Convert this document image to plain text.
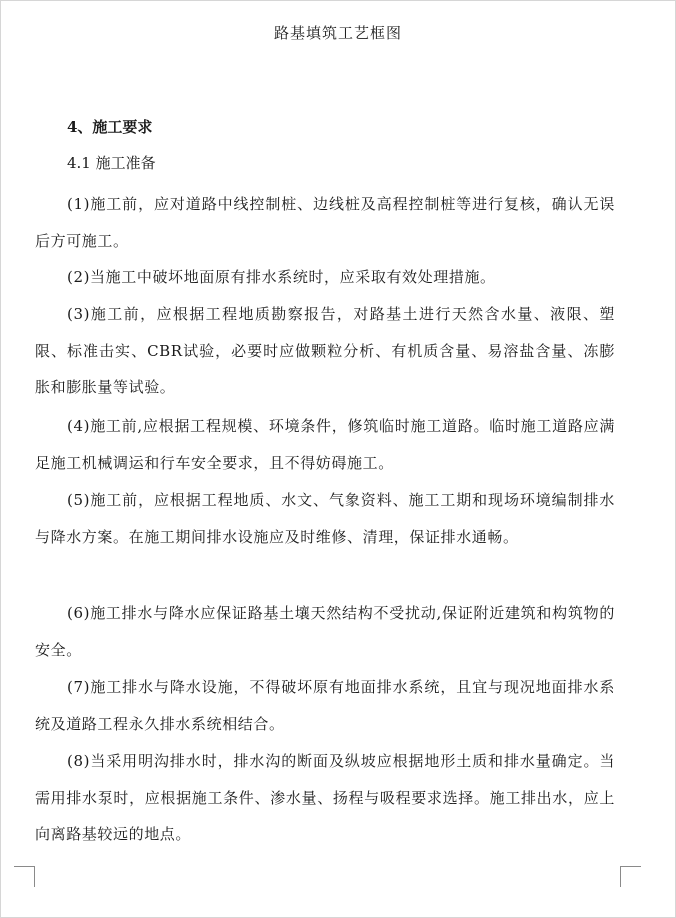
路基填筑工艺框图
4、施工要求
4.1 施工准备

(1)施工前，应对道路中线控制桩、边线桩及高程控制桩等进行复核，确认无误后方可施工。

(2)当施工中破坏地面原有排水系统时，应采取有效处理措施。

(3)施工前，应根据工程地质勘察报告，对路基土进行天然含水量、液限、塑限、标准击实、CBR试验，必要时应做颗粒分析、有机质含量、易溶盐含量、冻膨胀和膨胀量等试验。

(4)施工前,应根据工程规模、环境条件，修筑临时施工道路。临时施工道路应满足施工机械调运和行车安全要求，且不得妨碍施工。

(5)施工前，应根据工程地质、水文、气象资料、施工工期和现场环境编制排水与降水方案。在施工期间排水设施应及时维修、清理，保证排水通畅。

(6)施工排水与降水应保证路基土壤天然结构不受扰动,保证附近建筑和构筑物的安全。

(7)施工排水与降水设施，不得破坏原有地面排水系统，且宜与现况地面排水系统及道路工程永久排水系统相结合。

(8)当采用明沟排水时，排水沟的断面及纵坡应根据地形土质和排水量确定。当需用排水泵时，应根据施工条件、渗水量、扬程与吸程要求选择。施工排出水，应上向离路基较远的地点。
